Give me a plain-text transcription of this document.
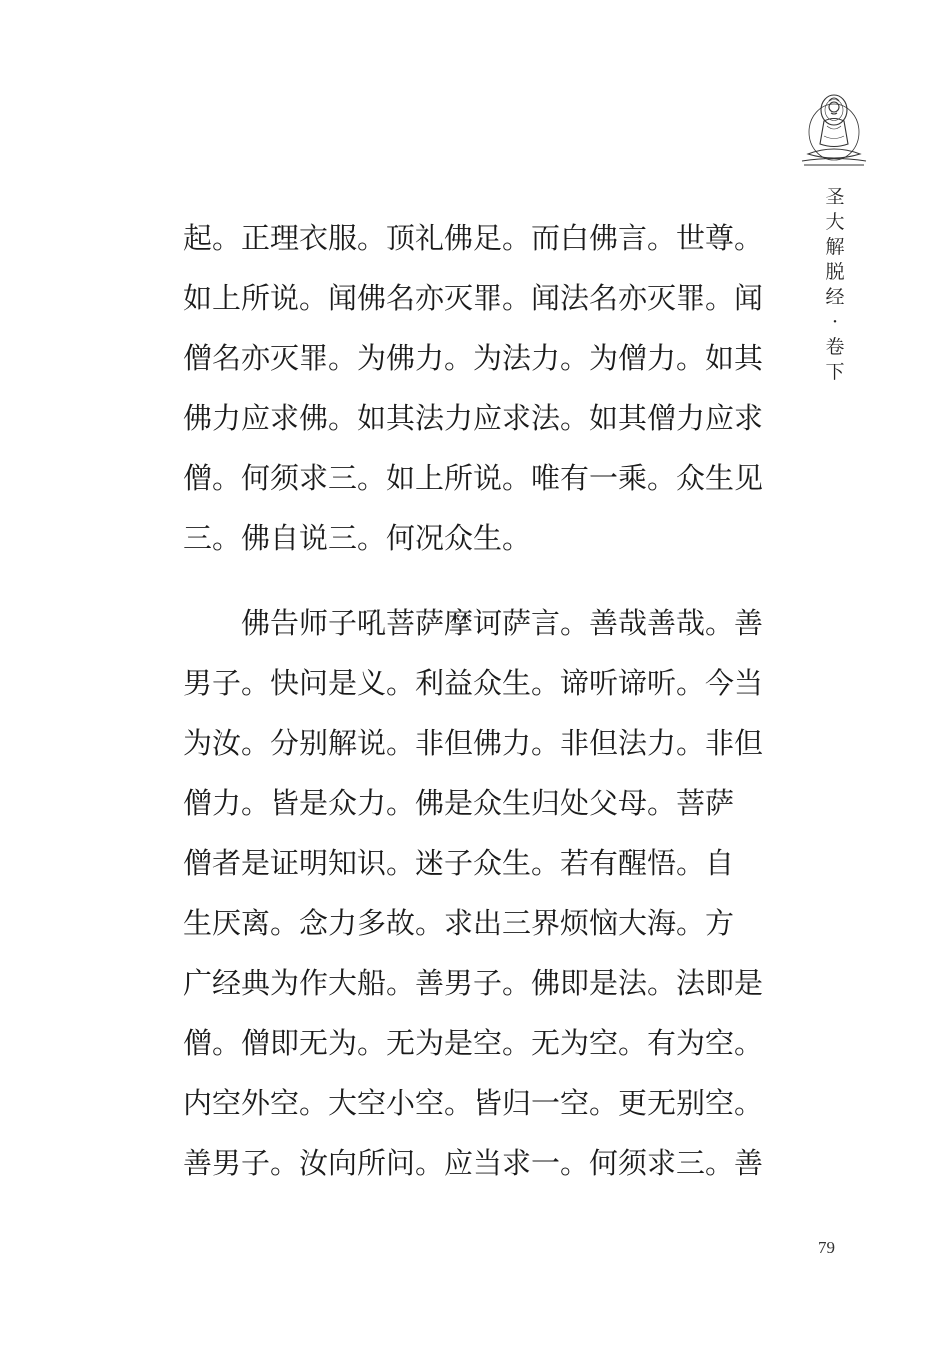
圣
大
解
脱
经
·
卷
下
起。正理衣服。顶礼佛足。而白佛言。世尊。
如上所说。闻佛名亦灭罪。闻法名亦灭罪。闻
僧名亦灭罪。为佛力。为法力。为僧力。如其
佛力应求佛。如其法力应求法。如其僧力应求
僧。何须求三。如上所说。唯有一乘。众生见
三。佛自说三。何况众生。
佛告师子吼菩萨摩诃萨言。善哉善哉。善
男子。快问是义。利益众生。谛听谛听。今当
为汝。分别解说。非但佛力。非但法力。非但
僧力。皆是众力。佛是众生归处父母。菩萨
僧者是证明知识。迷子众生。若有醒悟。自
生厌离。念力多故。求出三界烦恼大海。方
广经典为作大船。善男子。佛即是法。法即是
僧。僧即无为。无为是空。无为空。有为空。
内空外空。大空小空。皆归一空。更无别空。
善男子。汝向所问。应当求一。何须求三。善
79
